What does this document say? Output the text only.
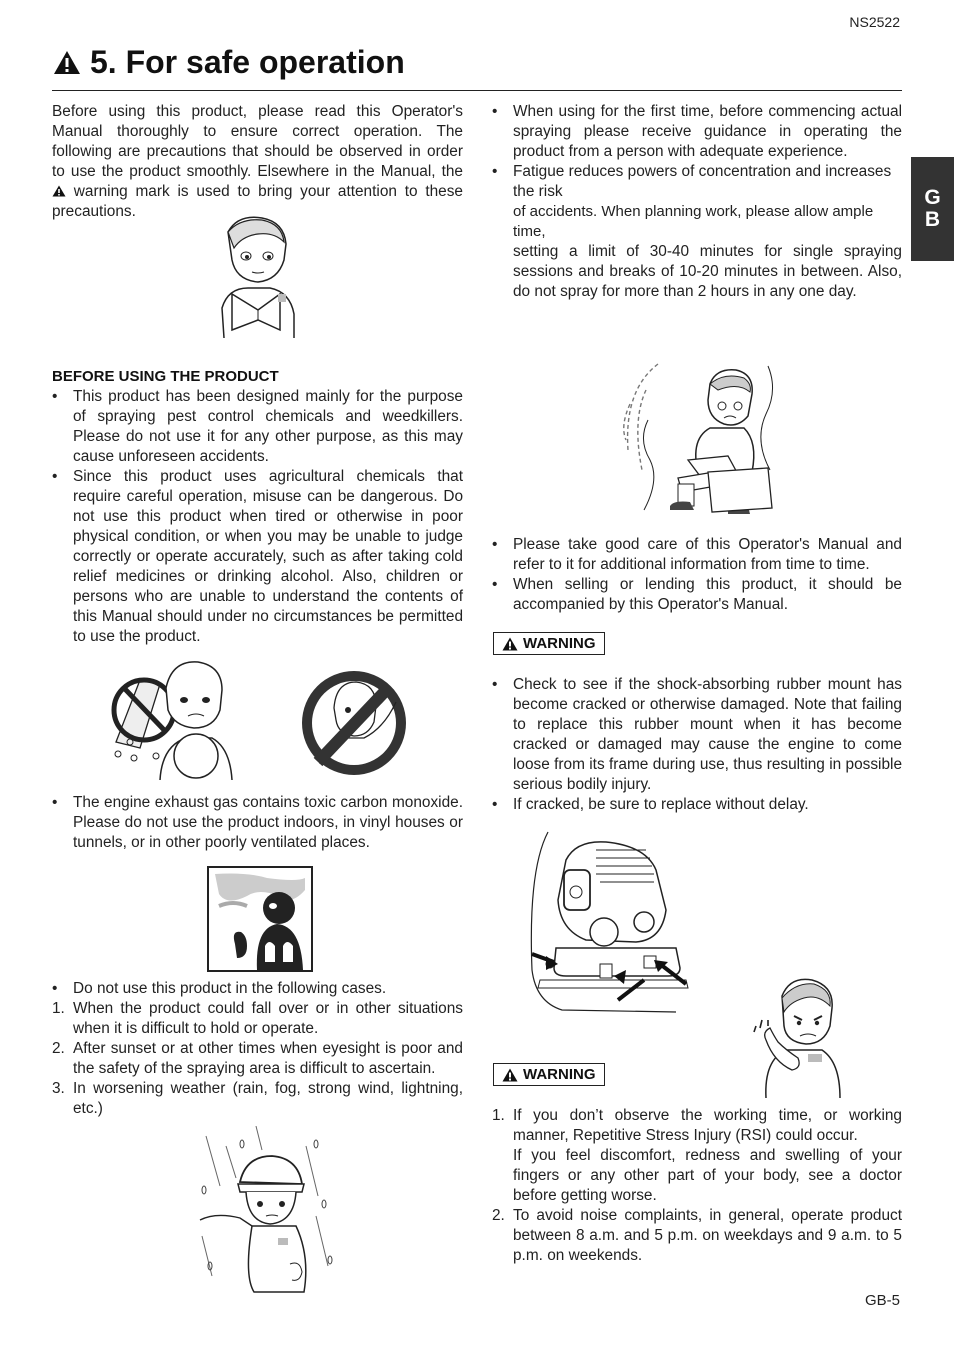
NS2522
5. For safe operation
G
B

Before using this product, please read this Operator's Manual thoroughly to ensure correct operation. The following are precautions that should be observed in order to use the product smoothly. Elsewhere in the Manual, the  warning mark is used to bring your attention to these precautions.

BEFORE USING THE PRODUCT

•	This product has been designed mainly for the purpose of spraying pest control chemicals and weedkillers. Please do not use it for any other purpose, as this may cause unforeseen accidents.
•	Since this product uses agricultural chemicals that require careful operation, misuse can be dangerous. Do not use this product when tired or otherwise in poor physical condition, or when you may be unable to judge correctly or operate accurately, such as after taking cold relief medicines or drinking alcohol. Also, children or persons who are unable to understand the contents of this Manual should under no circumstances be permitted to use the product.
•	The engine exhaust gas contains toxic carbon monoxide. Please do not use the product indoors, in vinyl houses or tunnels, or in other poorly ventilated places.
•	Do not use this product in the following cases.
1. When the product could fall over or in other situations when it is difficult to hold or operate.
2. After sunset or at other times when eyesight is poor and the safety of the spraying area is difficult to ascertain.
3. In worsening weather (rain, fog, strong wind, lightning, etc.)
•	When using for the first time, before commencing actual spraying please receive guidance in operating the product from a person with adequate experience.
•	Fatigue reduces powers of concentration and increases the risk
of accidents. When planning work, please allow ample time,
setting a limit of 30-40 minutes for single spraying sessions and breaks of 10-20 minutes in between. Also, do not spray for more than 2 hours in any one day.
•	Please take good care of this Operator's Manual and refer to it for additional information from time to time.
•	When selling or lending this product, it should be accompanied by this Operator's Manual.
WARNING
•	Check to see if the shock-absorbing rubber mount has become cracked or otherwise damaged. Note that failing to replace this rubber mount when it has become cracked or damaged may cause the engine to come loose from its frame during use, thus resulting in possible serious bodily injury.
•	If cracked, be sure to replace without delay.
WARNING
1. If you don’t observe the working time, or working manner, Repetitive Stress Injury (RSI) could occur.
If you feel discomfort, redness and swelling of your fingers or any other part of your body, see a doctor before getting worse.
2. To avoid noise complaints, in general, operate product between 8 a.m. and 5 p.m. on weekdays and 9 a.m. to 5 p.m. on weekends.
GB-5
